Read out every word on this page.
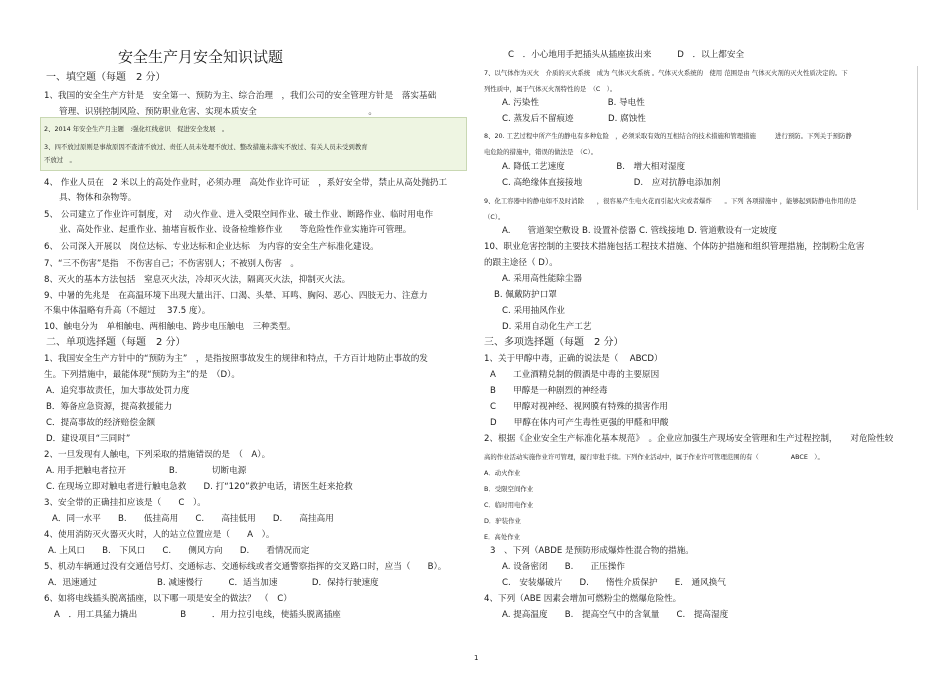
安全生产月安全知识试题
一、填空题（每题　2 分）
1、我国的安全生产方针是　安全第一、预防为主、综合治理　，我们公司的安全管理方针是　落实基础
管理、识别控制风险、预防职业危害、实现本质安全　　　　　　　　　　　　　。
2、2014 年安全生产月主题　:强化红线意识　促进安全发展　。
3、四不放过原则是事故原因不查清不放过、责任人员未处理不放过、整改措施未落实不放过、有关人员未受到教育
不放过　。
4、 作业人员在　2 米以上的高处作业时，必须办理　高处作业许可证　，系好安全带，禁止从高处抛扔工
具、物体和杂物等。
5、 公司建立了作业许可制度，对　 动火作业、进入受限空间作业、破土作业、断路作业、临时用电作
业、高处作业、起重作业、抽堵盲板作业、设备检维修作业　　等危险性作业实施许可管理。
6、 公司深入开展以　岗位达标、专业达标和企业达标　为内容的安全生产标准化建设。
7、“三不伤害”是指　不伤害自己；不伤害别人；不被别人伤害　。
8、灭火的基本方法包括　窒息灭火法，冷却灭火法，隔离灭火法，抑制灭火法。
9、中暑的先兆是　在高温环境下出现大量出汗、口渴、头晕、耳鸣、胸闷、恶心、四肢无力、注意力
不集中体温略有升高（不超过　 37.5 度）。
10、触电分为　单相触电、两相触电、跨步电压触电　三种类型。
二、单项选择题（每题　2 分）
1、我国安全生产方针中的“预防为主”　，是指按照事故发生的规律和特点，千方百计地防止事故的发
生。下列措施中，最能体现“预防为主”的是　（D）。
A．追究事故责任，加大事故处罚力度
B．筹备应急资源，提高救援能力
C．提高事故的经济赔偿金额
D．建设项目“三同时”
2、一旦发现有人触电，下列采取的措施错误的是　（　A）。
A. 用手把触电者拉开　　　　　B.　　　　切断电源
C. 在现场立即对触电者进行触电急救　　D. 打“120”救护电话，请医生赶来抢救
3、安全带的正确挂扣应该是（　　C　）。
A．同一水平　　B.　　低挂高用　　C.　　高挂低用　　D.　　高挂高用
4、使用消防灭火器灭火时，人的站立位置应是（　　A　）。
A. 上风口　　B.　下风口　　C.　　侧风方向　　D.　　看情况而定
5、机动车辆通过没有交通信号灯、交通标志、交通标线或者交通警察指挥的交叉路口时，应当（　　B）。
A．迅速通过　　　　　　　B. 减速慢行　　　C．适当加速　　　　D．保持行驶速度
6、如将电线插头脱离插座，以下哪一项是安全的做法？　（　C）
A　．用工具猛力撬出　　　　　B　　　．用力拉引电线，使插头脱离插座
C　．小心地用手把插头从插座拔出来　　　D　．以上都安全
7、以气体作为灭火　介质的灭火系统　成为 气体灭火系统 。气体灭火系统的　使用 范围是由 气体灭火剂的灭火性质决定的。下
列性质中，属于气体灭火剂特性的是　（C　）。
A. 污染性　　　　　　　　B. 导电性
C. 蒸发后不留痕迹　　　　D. 腐蚀性
8、20. 工艺过程中所产生的静电有多种危险　，必须采取有效的互相结合的技术措施和管理措施　　　进行预防。下列关于预防静
电危险的措施中，错误的做法是　（C）。
A. 降低工艺速度　　　　　　B.　增大相对湿度
C. 高绝缘体直接接地　　　　　　D.　应对抗静电添加剂
9、化工容器中的静电如不及时消除　　，很容易产生电火花而引起火灾或者爆炸　　。下列 各项措施中 ，能够起到防静电作用的是
（C）。
A.　　管道架空敷设 B. 设置补偿器 C. 管线接地 D. 管道敷设有一定坡度
10、职业危害控制的主要技术措施包括工程技术措施、个体防护措施和组织管理措施，控制粉尘危害
的跟主途径（ D）。
A. 采用高性能除尘器
B. 佩戴防护口罩
C. 采用抽风作业
D. 采用自动化生产工艺
三、多项选择题（每题　2 分）
1、关于甲醇中毒，正确的说法是（　 ABCD）
A　　工业酒精兑制的假酒是中毒的主要原因
B　　甲醇是一种剧烈的神经毒
C　　甲醇对视神经、视网膜有特殊的损害作用
D　　甲醇在体内可产生毒性更强的甲醛和甲酸
2、根据《企业安全生产标准化基本规范》　。企业应加强生产现场安全管理和生产过程控制，　　对危险性较
高的作业活动实施作业许可管理，履行审批手续。下列作业活动中，属于作业许可管理范围的有（　　　　　ABCE　）。
A．动火作业
B．受限空间作业
C．临时用电作业
D．驴装作业
E．高处作业
3　、下列（ABDE 是预防形成爆炸性混合物的措施。
A. 设备密闭　　B.　　正压操作
C.　安装爆破片　　D.　　惰性介质保护　　E.　通风换气
4、下列（ABE 因素会增加可燃粉尘的燃爆危险性。
A. 提高温度　　B.　提高空气中的含氧量　　C.　提高湿度
1
